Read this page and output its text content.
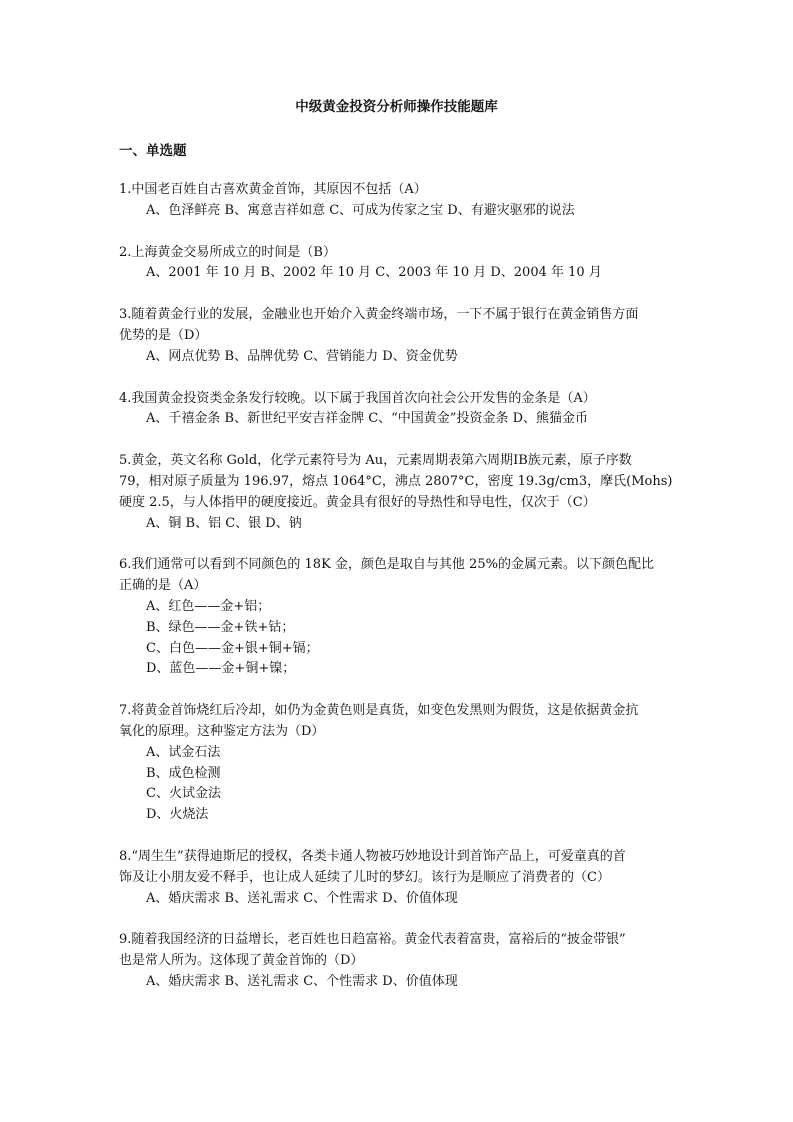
中级黄金投资分析师操作技能题库
一、单选题
1.中国老百姓自古喜欢黄金首饰，其原因不包括（A）
A、色泽鲜亮 B、寓意吉祥如意 C、可成为传家之宝 D、有避灾驱邪的说法
2.上海黄金交易所成立的时间是（B）
A、2001 年 10 月 B、2002 年 10 月 C、2003 年 10 月 D、2004 年 10 月
3.随着黄金行业的发展，金融业也开始介入黄金终端市场，一下不属于银行在黄金销售方面
优势的是（D）
A、网点优势 B、品牌优势 C、营销能力 D、资金优势
4.我国黄金投资类金条发行较晚。以下属于我国首次向社会公开发售的金条是（A）
A、千禧金条 B、新世纪平安吉祥金牌 C、“中国黄金”投资金条 D、熊猫金币
5.黄金，英文名称 Gold，化学元素符号为 Au，元素周期表第六周期ⅠB族元素，原子序数
79，相对原子质量为 196.97，熔点 1064°C，沸点 2807°C，密度 19.3g/cm3，摩氏(Mohs)
硬度 2.5，与人体指甲的硬度接近。黄金具有很好的导热性和导电性，仅次于（C）
A、铜 B、铝 C、银 D、钠
6.我们通常可以看到不同颜色的 18K 金，颜色是取自与其他 25%的金属元素。以下颜色配比
正确的是（A）
A、红色——金+铝；
B、绿色——金+铁+钴；
C、白色——金+银+铜+镉；
D、蓝色——金+铜+镍；
7.将黄金首饰烧红后冷却，如仍为金黄色则是真货，如变色发黑则为假货，这是依据黄金抗
氧化的原理。这种鉴定方法为（D）
A、试金石法
B、成色检测
C、火试金法
D、火烧法
8.“周生生”获得迪斯尼的授权，各类卡通人物被巧妙地设计到首饰产品上，可爱童真的首
饰及让小朋友爱不释手，也让成人延续了儿时的梦幻。该行为是顺应了消费者的（C）
A、婚庆需求 B、送礼需求 C、个性需求 D、价值体现
9.随着我国经济的日益增长，老百姓也日趋富裕。黄金代表着富贵，富裕后的“披金带银”
也是常人所为。这体现了黄金首饰的（D）
A、婚庆需求 B、送礼需求 C、个性需求 D、价值体现
